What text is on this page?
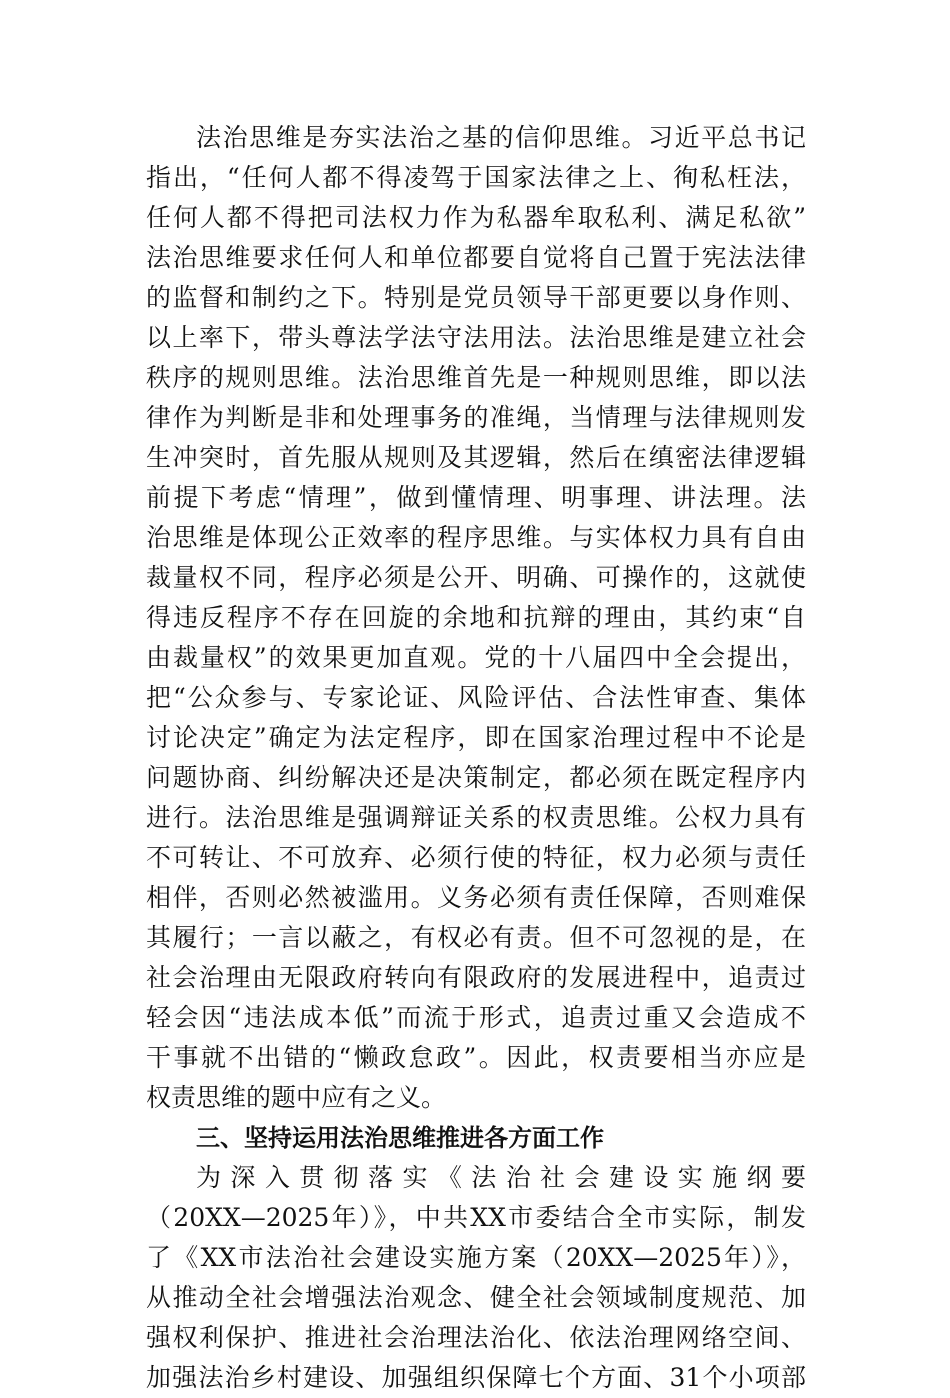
法治思维是夯实法治之基的信仰思维。习近平总书记
指出，“任何人都不得凌驾于国家法律之上、徇私枉法，
任何人都不得把司法权力作为私器牟取私利、满足私欲”
法治思维要求任何人和单位都要自觉将自己置于宪法法律
的监督和制约之下。特别是党员领导干部更要以身作则、
以上率下，带头尊法学法守法用法。法治思维是建立社会
秩序的规则思维。法治思维首先是一种规则思维，即以法
律作为判断是非和处理事务的准绳，当情理与法律规则发
生冲突时，首先服从规则及其逻辑，然后在缜密法律逻辑
前提下考虑“情理”，做到懂情理、明事理、讲法理。法
治思维是体现公正效率的程序思维。与实体权力具有自由
裁量权不同，程序必须是公开、明确、可操作的，这就使
得违反程序不存在回旋的余地和抗辩的理由，其约束“自
由裁量权”的效果更加直观。党的十八届四中全会提出，
把“公众参与、专家论证、风险评估、合法性审查、集体
讨论决定”确定为法定程序，即在国家治理过程中不论是
问题协商、纠纷解决还是决策制定，都必须在既定程序内
进行。法治思维是强调辩证关系的权责思维。公权力具有
不可转让、不可放弃、必须行使的特征，权力必须与责任
相伴，否则必然被滥用。义务必须有责任保障，否则难保
其履行；一言以蔽之，有权必有责。但不可忽视的是，在
社会治理由无限政府转向有限政府的发展进程中，追责过
轻会因“违法成本低”而流于形式，追责过重又会造成不
干事就不出错的“懒政怠政”。因此，权责要相当亦应是
权责思维的题中应有之义。
三、坚持运用法治思维推进各方面工作
为深入贯彻落实《法治社会建设实施纲要
（20XX—2025年）》，中共XX市委结合全市实际，制发
了《XX市法治社会建设实施方案（20XX—2025年）》，
从推动全社会增强法治观念、健全社会领域制度规范、加
强权利保护、推进社会治理法治化、依法治理网络空间、
加强法治乡村建设、加强组织保障七个方面、31个小项部
